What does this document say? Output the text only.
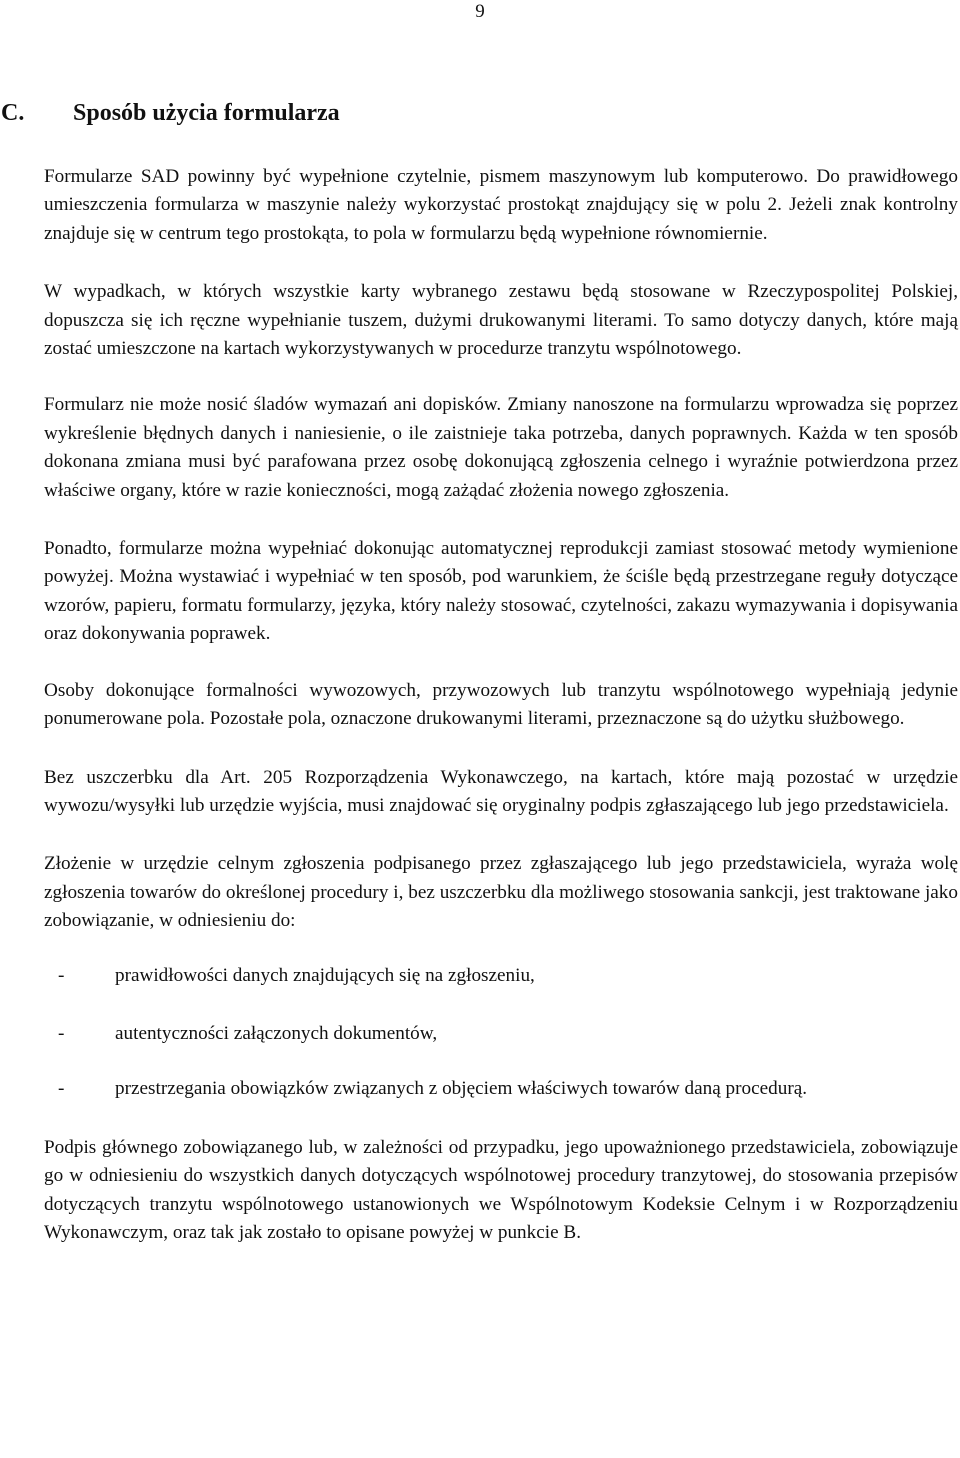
9
C. Sposób użycia formularza

Formularze SAD powinny być wypełnione czytelnie, pismem maszynowym lub komputerowo. Do prawidłowego umieszczenia formularza w maszynie należy wykorzystać prostokąt znajdujący się w polu 2. Jeżeli znak kontrolny znajduje się w centrum tego prostokąta, to pola w formularzu będą wypełnione równomiernie.

W wypadkach, w których wszystkie karty wybranego zestawu będą stosowane w Rzeczypospolitej Polskiej, dopuszcza się ich ręczne wypełnianie tuszem, dużymi drukowanymi literami. To samo dotyczy danych, które mają zostać umieszczone na kartach wykorzystywanych w procedurze tranzytu wspólnotowego.

Formularz nie może nosić śladów wymazań ani dopisków. Zmiany nanoszone na formularzu wprowadza się poprzez wykreślenie błędnych danych i naniesienie, o ile zaistnieje taka potrzeba, danych poprawnych. Każda w ten sposób dokonana zmiana musi być parafowana przez osobę dokonującą zgłoszenia celnego i wyraźnie potwierdzona przez właściwe organy, które w razie konieczności, mogą zażądać złożenia nowego zgłoszenia.

Ponadto, formularze można wypełniać dokonując automatycznej reprodukcji zamiast stosować metody wymienione powyżej. Można wystawiać i wypełniać w ten sposób, pod warunkiem, że ściśle będą przestrzegane reguły dotyczące wzorów, papieru, formatu formularzy, języka, który należy stosować, czytelności, zakazu wymazywania i dopisywania oraz dokonywania poprawek.

Osoby dokonujące formalności wywozowych, przywozowych lub tranzytu wspólnotowego wypełniają jedynie ponumerowane pola. Pozostałe pola, oznaczone drukowanymi literami, przeznaczone są do użytku służbowego.

Bez uszczerbku dla Art. 205 Rozporządzenia Wykonawczego, na kartach, które mają pozostać w urzędzie wywozu/wysyłki lub urzędzie wyjścia, musi znajdować się oryginalny podpis zgłaszającego lub jego przedstawiciela.

Złożenie w urzędzie celnym zgłoszenia podpisanego przez zgłaszającego lub jego przedstawiciela, wyraża wolę zgłoszenia towarów do określonej procedury i, bez uszczerbku dla możliwego stosowania sankcji, jest traktowane jako zobowiązanie, w odniesieniu do:

-	prawidłowości danych znajdujących się na zgłoszeniu,
-	autentyczności załączonych dokumentów,
-	przestrzegania obowiązków związanych z objęciem właściwych towarów daną procedurą.

Podpis głównego zobowiązanego lub, w zależności od przypadku, jego upoważnionego przedstawiciela, zobowiązuje go w odniesieniu do wszystkich danych dotyczących wspólnotowej procedury tranzytowej, do stosowania przepisów dotyczących tranzytu wspólnotowego ustanowionych we Wspólnotowym Kodeksie Celnym i w Rozporządzeniu Wykonawczym, oraz tak jak zostało to opisane powyżej w punkcie B.
